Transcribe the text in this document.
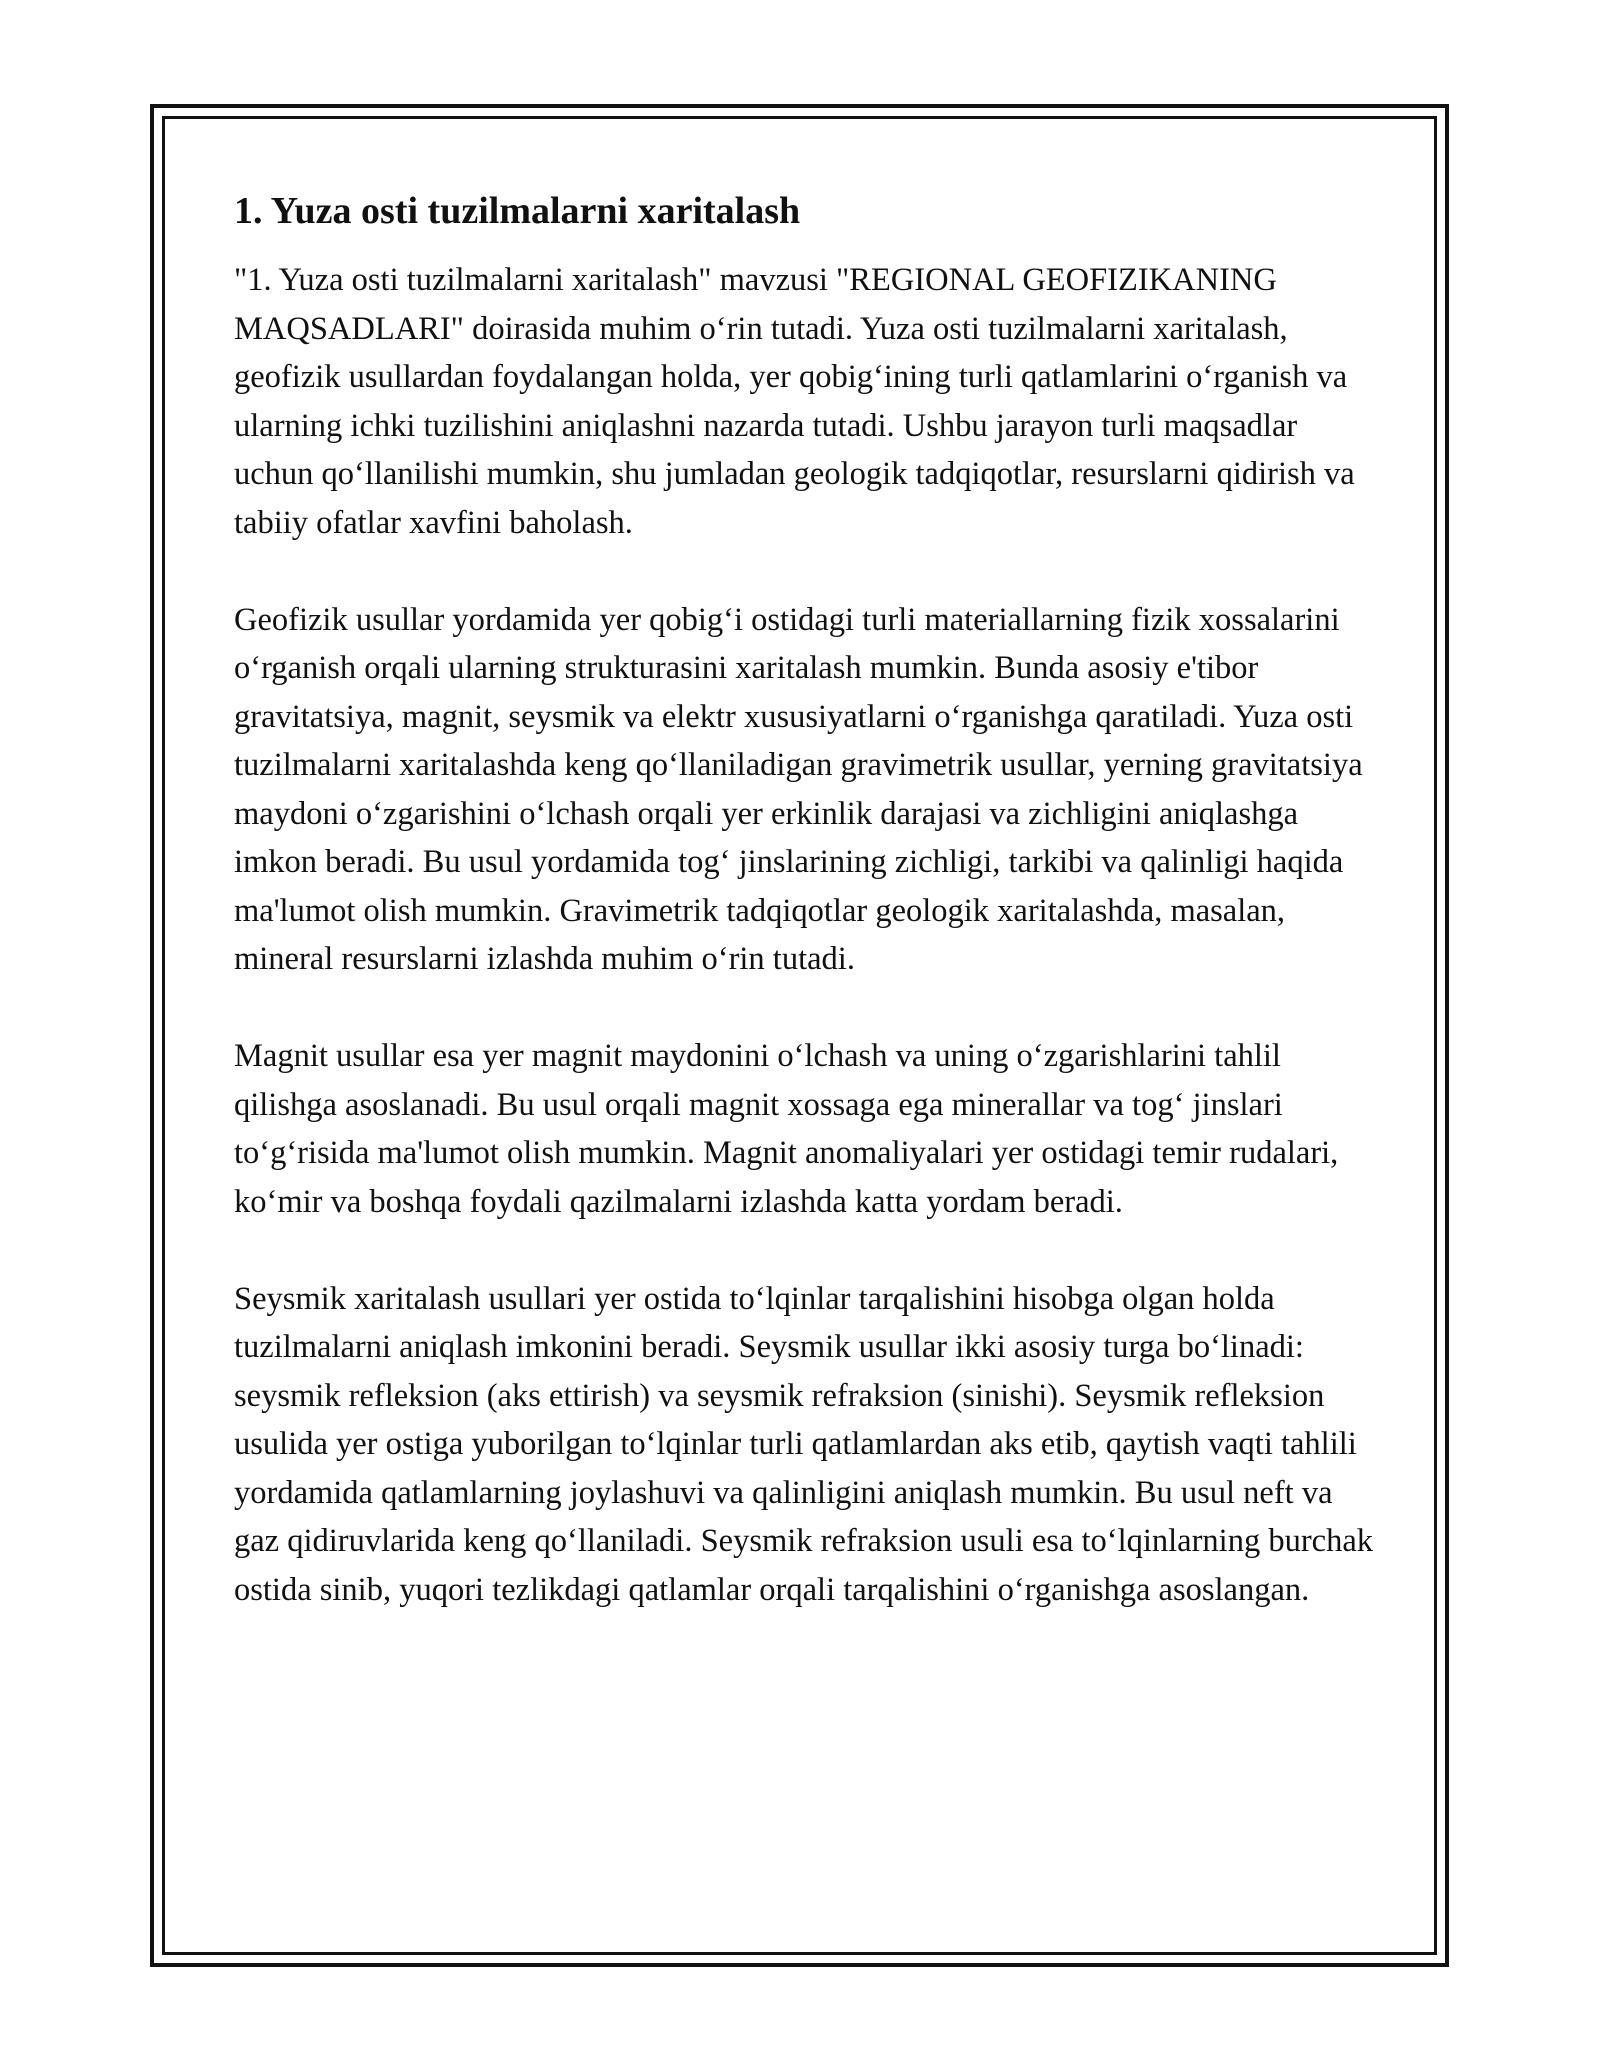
1. Yuza osti tuzilmalarni xaritalash

"1. Yuza osti tuzilmalarni xaritalash" mavzusi "REGIONAL GEOFIZIKANING MAQSADLARI" doirasida muhim o‘rin tutadi. Yuza osti tuzilmalarni xaritalash, geofizik usullardan foydalangan holda, yer qobig‘ining turli qatlamlarini o‘rganish va ularning ichki tuzilishini aniqlashni nazarda tutadi. Ushbu jarayon turli maqsadlar uchun qo‘llanilishi mumkin, shu jumladan geologik tadqiqotlar, resurslarni qidirish va tabiiy ofatlar xavfini baholash.

Geofizik usullar yordamida yer qobig‘i ostidagi turli materiallarning fizik xossalarini o‘rganish orqali ularning strukturasini xaritalash mumkin. Bunda asosiy e'tibor gravitatsiya, magnit, seysmik va elektr xususiyatlarni o‘rganishga qaratiladi. Yuza osti tuzilmalarni xaritalashda keng qo‘llaniladigan gravimetrik usullar, yerning gravitatsiya maydoni o‘zgarishini o‘lchash orqali yer erkinlik darajasi va zichligini aniqlashga imkon beradi. Bu usul yordamida tog‘ jinslarining zichligi, tarkibi va qalinligi haqida ma'lumot olish mumkin. Gravimetrik tadqiqotlar geologik xaritalashda, masalan, mineral resurslarni izlashda muhim o‘rin tutadi.

Magnit usullar esa yer magnit maydonini o‘lchash va uning o‘zgarishlarini tahlil qilishga asoslanadi. Bu usul orqali magnit xossaga ega minerallar va tog‘ jinslari to‘g‘risida ma'lumot olish mumkin. Magnit anomaliyalari yer ostidagi temir rudalari, ko‘mir va boshqa foydali qazilmalarni izlashda katta yordam beradi.

Seysmik xaritalash usullari yer ostida to‘lqinlar tarqalishini hisobga olgan holda tuzilmalarni aniqlash imkonini beradi. Seysmik usullar ikki asosiy turga bo‘linadi: seysmik refleksion (aks ettirish) va seysmik refraksion (sinishi). Seysmik refleksion usulida yer ostiga yuborilgan to‘lqinlar turli qatlamlardan aks etib, qaytish vaqti tahlili yordamida qatlamlarning joylashuvi va qalinligini aniqlash mumkin. Bu usul neft va gaz qidiruvlarida keng qo‘llaniladi. Seysmik refraksion usuli esa to‘lqinlarning burchak ostida sinib, yuqori tezlikdagi qatlamlar orqali tarqalishini o‘rganishga asoslangan.
